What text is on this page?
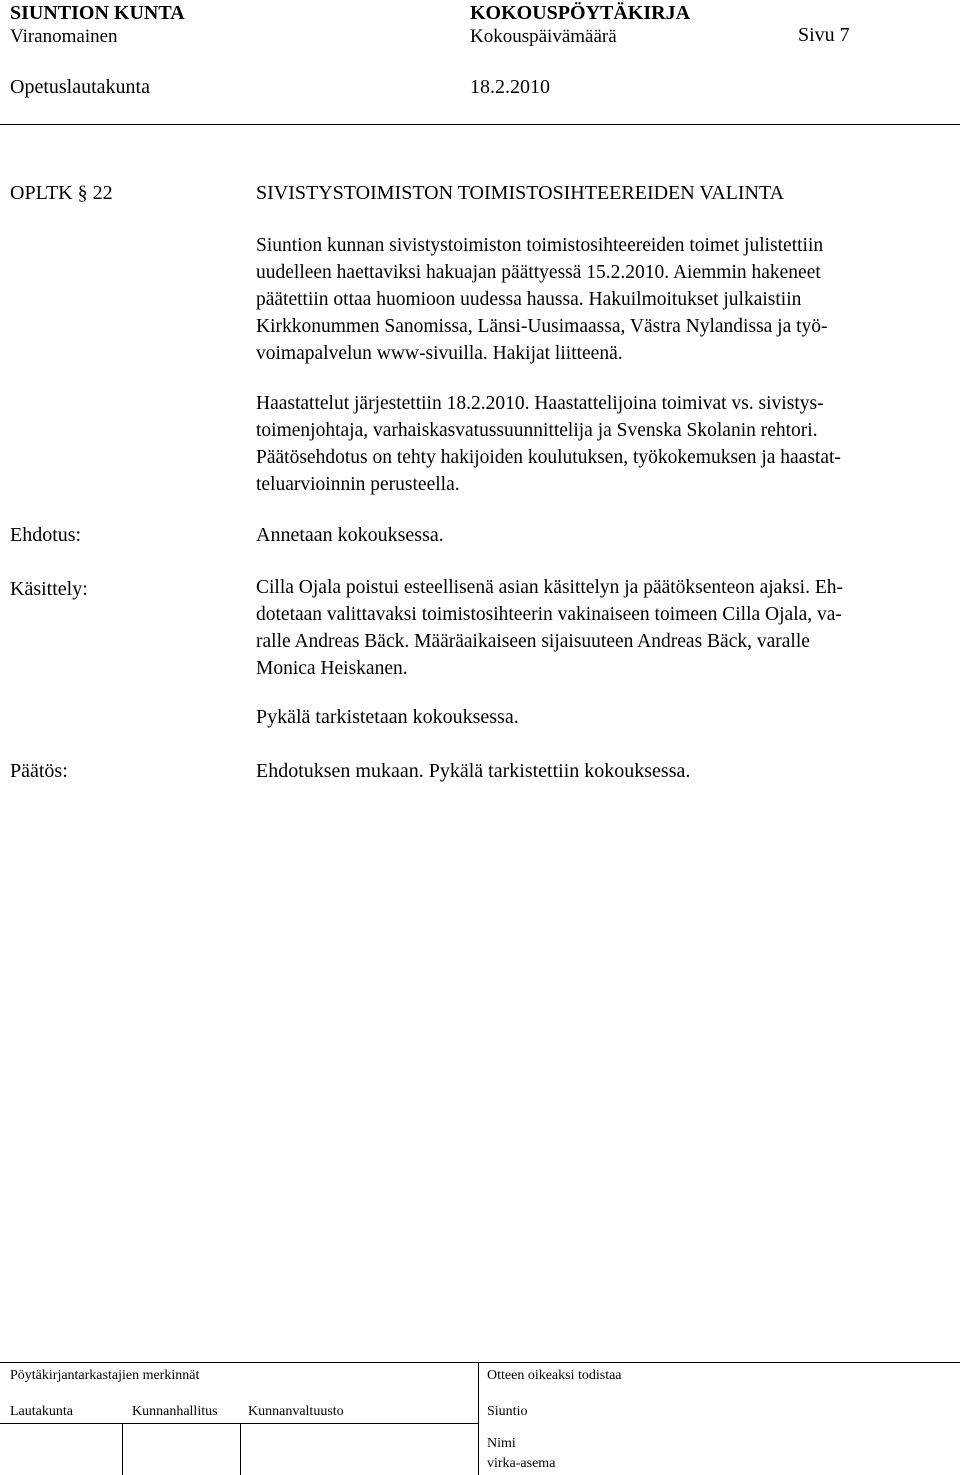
SIUNTION KUNTA	KOKOUSPÖYTÄKIRJA
Viranomainen	Kokouspäivämäärä	Sivu 7
Opetuslautakunta	18.2.2010
OPLTK § 22	SIVISTYSTOIMISTON TOIMISTOSIHTEEREIDEN VALINTA

Siuntion kunnan sivistystoimiston toimistosihteereiden toimet julistettiin

uudelleen haettaviksi hakuajan päättyessä 15.2.2010. Aiemmin hakeneet

päätettiin ottaa huomioon uudessa haussa. Hakuilmoitukset julkaistiin

Kirkkonummen Sanomissa, Länsi-Uusimaassa, Västra Nylandissa ja työ-

voimapalvelun www-sivuilla. Hakijat liitteenä.

Haastattelut järjestettiin 18.2.2010. Haastattelijoina toimivat vs. sivistys-

toimenjohtaja, varhaiskasvatussuunnittelija ja Svenska Skolanin rehtori.

Päätösehdotus on tehty hakijoiden koulutuksen, työkokemuksen ja haastat-

teluarvioinnin perusteella.

Ehdotus:	Annetaan kokouksessa.
Käsittely:	Cilla Ojala poistui esteellisenä asian käsittelyn ja päätöksenteon ajaksi. Eh-

dotetaan valittavaksi toimistosihteerin vakinaiseen toimeen Cilla Ojala, va-

ralle Andreas Bäck. Määräaikaiseen sijaisuuteen Andreas Bäck, varalle

Monica Heiskanen.

Pykälä tarkistetaan kokouksessa.
Päätös:	Ehdotuksen mukaan. Pykälä tarkistettiin kokouksessa.
Pöytäkirjantarkastajien merkinnät	Otteen oikeaksi todistaa
Lautakunta	Kunnanhallitus Kunnanvaltuusto	Siuntio
Nimi
virka-asema
